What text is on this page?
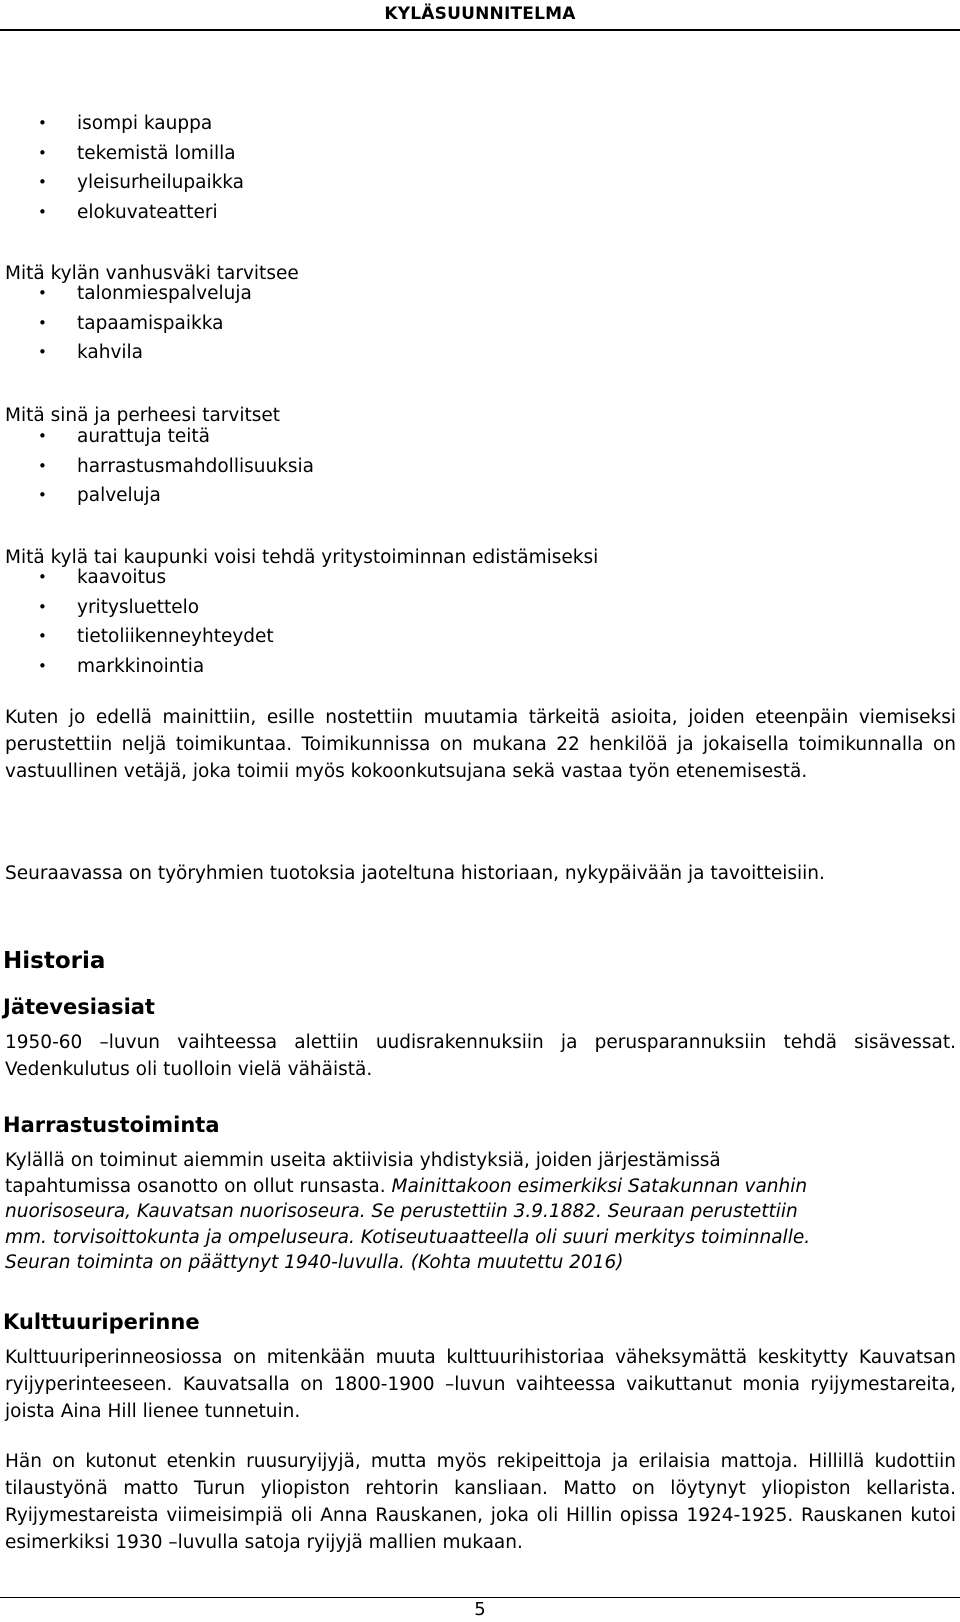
KYLÄSUUNNITELMA
• isompi kauppa
• tekemistä lomilla
• yleisurheilupaikka
• elokuvateatteri
Mitä kylän vanhusväki tarvitsee
• talonmiespalveluja
• tapaamispaikka
• kahvila
Mitä sinä ja perheesi tarvitset
• aurattuja teitä
• harrastusmahdollisuuksia
• palveluja
Mitä kylä tai kaupunki voisi tehdä yritystoiminnan edistämiseksi
• kaavoitus
• yritysluettelo
• tietoliikenneyhteydet
• markkinointia

Kuten jo edellä mainittiin, esille nostettiin muutamia tärkeitä asioita, joiden eteenpäin viemiseksi perustettiin neljä toimikuntaa. Toimikunnissa on mukana 22 henkilöä ja jokaisella toimikunnalla on vastuullinen vetäjä, joka toimii myös kokoonkutsujana sekä vastaa työn etenemisestä.

Seuraavassa on työryhmien tuotoksia jaoteltuna historiaan, nykypäivään ja tavoitteisiin.

Historia
Jätevesiasiat

1950-60 –luvun vaihteessa alettiin uudisrakennuksiin ja perusparannuksiin tehdä sisävessat. Vedenkulutus oli tuolloin vielä vähäistä.

Harrastustoiminta
Kylällä on toiminut aiemmin useita aktiivisia yhdistyksiä, joiden järjestämissä
tapahtumissa osanotto on ollut runsasta. Mainittakoon esimerkiksi Satakunnan vanhin
nuorisoseura, Kauvatsan nuorisoseura. Se perustettiin 3.9.1882. Seuraan perustettiin
mm. torvisoittokunta ja ompeluseura. Kotiseutuaatteella oli suuri merkitys toiminnalle.
Seuran toiminta on päättynyt 1940-luvulla. (Kohta muutettu 2016)
Kulttuuriperinne

Kulttuuriperinneosiossa on mitenkään muuta kulttuurihistoriaa väheksymättä keskitytty Kauvatsan ryijyperinteeseen. Kauvatsalla on 1800-1900 –luvun vaihteessa vaikuttanut monia ryijymestareita, joista Aina Hill lienee tunnetuin.

Hän on kutonut etenkin ruusuryijyjä, mutta myös rekipeittoja ja erilaisia mattoja. Hillillä kudottiin tilaustyönä matto Turun yliopiston rehtorin kansliaan. Matto on löytynyt yliopiston kellarista. Ryijymestareista viimeisimpiä oli Anna Rauskanen, joka oli Hillin opissa 1924-1925. Rauskanen kutoi esimerkiksi 1930 –luvulla satoja ryijyjä mallien mukaan.

5
